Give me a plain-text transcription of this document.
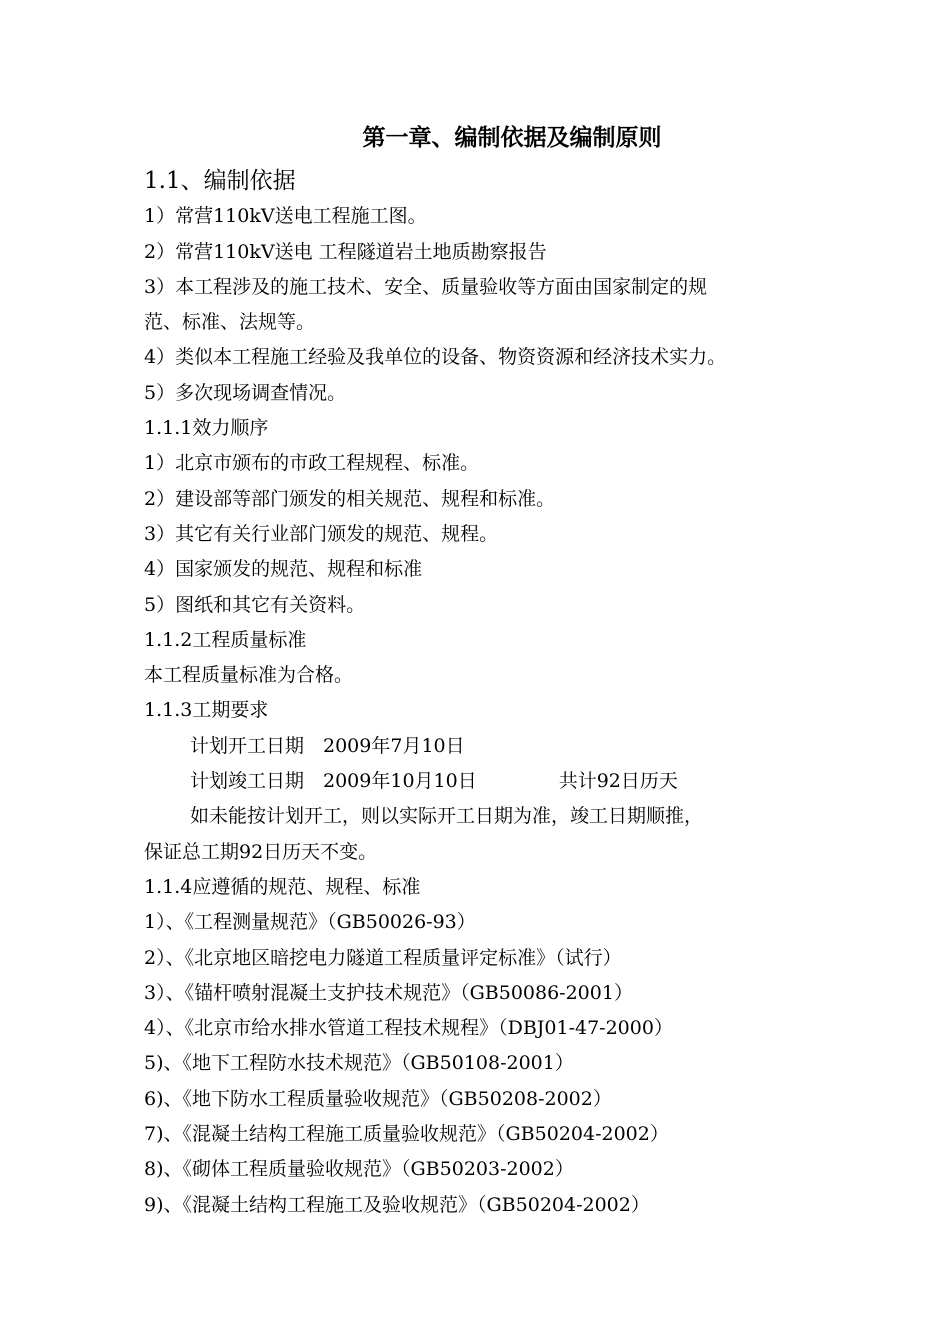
第一章、编制依据及编制原则
1.1、编制依据
1）常营110kV送电工程施工图。
2）常营110kV送电 工程隧道岩土地质勘察报告
3）本工程涉及的施工技术、安全、质量验收等方面由国家制定的规
范、标准、法规等。
4）类似本工程施工经验及我单位的设备、物资资源和经济技术实力。
5）多次现场调查情况。
1.1.1效力顺序
1）北京市颁布的市政工程规程、标准。
2）建设部等部门颁发的相关规范、规程和标准。
3）其它有关行业部门颁发的规范、规程。
4）国家颁发的规范、规程和标准
5）图纸和其它有关资料。
1.1.2工程质量标准
本工程质量标准为合格。
1.1.3工期要求
计划开工日期　2009年7月10日
计划竣工日期　2009年10月10日	共计92日历天
如未能按计划开工，则以实际开工日期为准，竣工日期顺推，
保证总工期92日历天不变。
1.1.4应遵循的规范、规程、标准
1）、《工程测量规范》（GB50026-93）
2）、《北京地区暗挖电力隧道工程质量评定标准》（试行）
3）、《锚杆喷射混凝土支护技术规范》（GB50086-2001）
4）、《北京市给水排水管道工程技术规程》（DBJ01-47-2000）
5)、《地下工程防水技术规范》（GB50108-2001）
6)、《地下防水工程质量验收规范》（GB50208-2002）
7)、《混凝土结构工程施工质量验收规范》（GB50204-2002）
8)、《砌体工程质量验收规范》（GB50203-2002）
9)、《混凝土结构工程施工及验收规范》（GB50204-2002）
